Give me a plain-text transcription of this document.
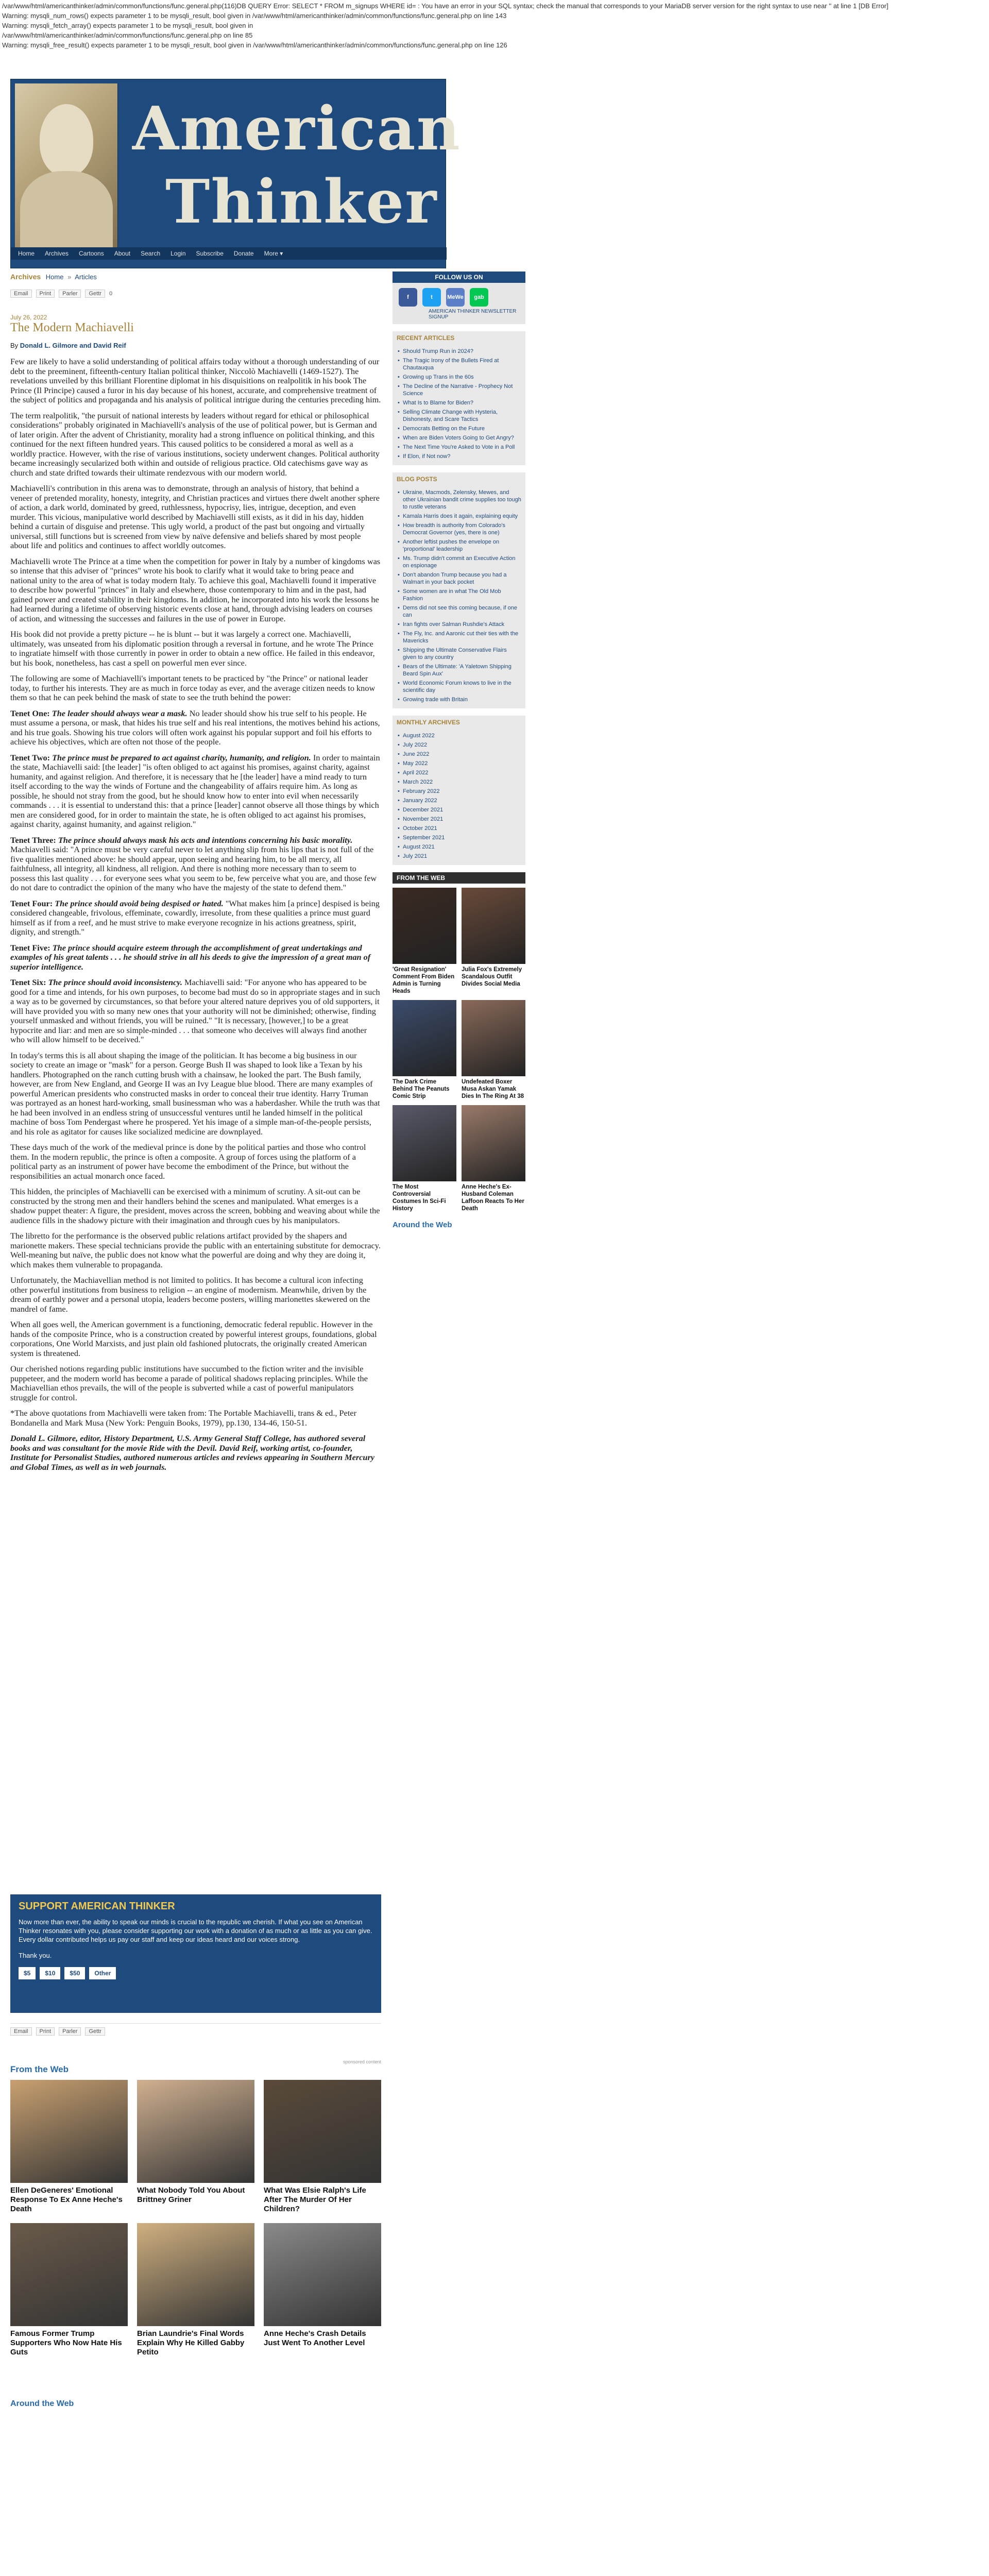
/var/www/html/americanthinker/admin/common/functions/func.general.php(116)DB QUERY Error: SELECT * FROM m_signups WHERE id= : You have an error in your SQL syntax; check the manual that corresponds to your MariaDB server version for the right syntax to use near '' at line 1 [DB Error]
Warning: mysqli_num_rows() expects parameter 1 to be mysqli_result, bool given in /var/www/html/americanthinker/admin/common/functions/func.general.php on line 143
Warning: mysqli_fetch_array() expects parameter 1 to be mysqli_result, bool given in
/var/www/html/americanthinker/admin/common/functions/func.general.php on line 85
Warning: mysqli_free_result() expects parameter 1 to be mysqli_result, bool given in /var/www/html/americanthinker/admin/common/functions/func.general.php on line 126
American
Thinker
Home Archives Cartoons About Search Login Subscribe Donate More ▾
Archives Home » Articles
Email	Print	Parler	Gettr	0
July 26, 2022
The Modern Machiavelli
By Donald L. Gilmore and David Reif

Few are likely to have a solid understanding of political affairs today without a thorough understanding of our debt to the preeminent, fifteenth-century Italian political thinker, Niccolò Machiavelli (1469-1527). The revelations unveiled by this brilliant Florentine diplomat in his disquisitions on realpolitik in his book The Prince (Il Principe) caused a furor in his day because of his honest, accurate, and comprehensive treatment of the subject of politics and propaganda and his analysis of political intrigue during the centuries preceding him.

The term realpolitik, "the pursuit of national interests by leaders without regard for ethical or philosophical considerations" probably originated in Machiavelli's analysis of the use of political power, but is German and of later origin. After the advent of Christianity, morality had a strong influence on political thinking, and this continued for the next fifteen hundred years. This caused politics to be considered a moral as well as a worldly practice. However, with the rise of various institutions, society underwent changes. Political authority became increasingly secularized both within and outside of religious practice. Old catechisms gave way as church and state drifted towards their ultimate rendezvous with our modern world.

Machiavelli's contribution in this arena was to demonstrate, through an analysis of history, that behind a veneer of pretended morality, honesty, integrity, and Christian practices and virtues there dwelt another sphere of action, a dark world, dominated by greed, ruthlessness, hypocrisy, lies, intrigue, deception, and even murder. This vicious, manipulative world described by Machiavelli still exists, as it did in his day, hidden behind a curtain of disguise and pretense. This ugly world, a product of the past but ongoing and virtually universal, still functions but is screened from view by naïve defensive and beliefs shared by most people about life and politics and continues to affect worldly outcomes.

Machiavelli wrote The Prince at a time when the competition for power in Italy by a number of kingdoms was so intense that this adviser of "princes" wrote his book to clarify what it would take to bring peace and national unity to the area of what is today modern Italy. To achieve this goal, Machiavelli found it imperative to describe how powerful "princes" in Italy and elsewhere, those contemporary to him and in the past, had gained power and created stability in their kingdoms. In addition, he incorporated into his work the lessons he had learned during a lifetime of observing historic events close at hand, through advising leaders on courses of action, and witnessing the successes and failures in the use of power in Europe.

His book did not provide a pretty picture -- he is blunt -- but it was largely a correct one. Machiavelli, ultimately, was unseated from his diplomatic position through a reversal in fortune, and he wrote The Prince to ingratiate himself with those currently in power in order to obtain a new office. He failed in this endeavor, but his book, nonetheless, has cast a spell on powerful men ever since.

The following are some of Machiavelli's important tenets to be practiced by "the Prince" or national leader today, to further his interests. They are as much in force today as ever, and the average citizen needs to know them so that he can peek behind the mask of state to see the truth behind the power:

Tenet One: The leader should always wear a mask. No leader should show his true self to his people. He must assume a persona, or mask, that hides his true self and his real intentions, the motives behind his actions, and his true goals. Showing his true colors will often work against his popular support and foil his efforts to achieve his objectives, which are often not those of the people.

Tenet Two: The prince must be prepared to act against charity, humanity, and religion. In order to maintain the state, Machiavelli said: [the leader] "is often obliged to act against his promises, against charity, against humanity, and against religion. And therefore, it is necessary that he [the leader] have a mind ready to turn itself according to the way the winds of Fortune and the changeability of affairs require him. As long as possible, he should not stray from the good, but he should know how to enter into evil when necessarily commands . . . it is essential to understand this: that a prince [leader] cannot observe all those things by which men are considered good, for in order to maintain the state, he is often obliged to act against his promises, against charity, against humanity, and against religion."

Tenet Three: The prince should always mask his acts and intentions concerning his basic morality. Machiavelli said: "A prince must be very careful never to let anything slip from his lips that is not full of the five qualities mentioned above: he should appear, upon seeing and hearing him, to be all mercy, all faithfulness, all integrity, all kindness, all religion. And there is nothing more necessary than to seem to possess this last quality . . . for everyone sees what you seem to be, few perceive what you are, and those few do not dare to contradict the opinion of the many who have the majesty of the state to defend them."

Tenet Four: The prince should avoid being despised or hated. "What makes him [a prince] despised is being considered changeable, frivolous, effeminate, cowardly, irresolute, from these qualities a prince must guard himself as if from a reef, and he must strive to make everyone recognize in his actions greatness, spirit, dignity, and strength."

Tenet Five: The prince should acquire esteem through the accomplishment of great undertakings and examples of his great talents . . . he should strive in all his deeds to give the impression of a great man of superior intelligence.

Tenet Six: The prince should avoid inconsistency. Machiavelli said: "For anyone who has appeared to be good for a time and intends, for his own purposes, to become bad must do so in appropriate stages and in such a way as to be governed by circumstances, so that before your altered nature deprives you of old supporters, it will have provided you with so many new ones that your authority will not be diminished; otherwise, finding yourself unmasked and without friends, you will be ruined." "It is necessary, [however,] to be a great hypocrite and liar: and men are so simple-minded . . . that someone who deceives will always find another who will allow himself to be deceived."

In today's terms this is all about shaping the image of the politician. It has become a big business in our society to create an image or "mask" for a person. George Bush II was shaped to look like a Texan by his handlers. Photographed on the ranch cutting brush with a chainsaw, he looked the part. The Bush family, however, are from New England, and George II was an Ivy League blue blood. There are many examples of powerful American presidents who constructed masks in order to conceal their true identity. Harry Truman was portrayed as an honest hard-working, small businessman who was a haberdasher. While the truth was that he had been involved in an endless string of unsuccessful ventures until he landed himself in the political machine of boss Tom Pendergast where he prospered. Yet his image of a simple man-of-the-people persists, and his role as agitator for causes like socialized medicine are downplayed.

These days much of the work of the medieval prince is done by the political parties and those who control them. In the modern republic, the prince is often a composite. A group of forces using the platform of a political party as an instrument of power have become the embodiment of the Prince, but without the responsibilities an actual monarch once faced.

This hidden, the principles of Machiavelli can be exercised with a minimum of scrutiny. A sit-out can be constructed by the strong men and their handlers behind the scenes and manipulated. What emerges is a shadow puppet theater: A figure, the president, moves across the screen, bobbing and weaving about while the audience fills in the shadowy picture with their imagination and through cues by his manipulators.

The libretto for the performance is the observed public relations artifact provided by the shapers and marionette makers. These special technicians provide the public with an entertaining substitute for democracy. Well-meaning but naïve, the public does not know what the powerful are doing and why they are doing it, which makes them vulnerable to propaganda.

Unfortunately, the Machiavellian method is not limited to politics. It has become a cultural icon infecting other powerful institutions from business to religion -- an engine of modernism. Meanwhile, driven by the dream of earthly power and a personal utopia, leaders become posters, willing marionettes skewered on the mandrel of fame.

When all goes well, the American government is a functioning, democratic federal republic. However in the hands of the composite Prince, who is a construction created by powerful interest groups, foundations, global corporations, One World Marxists, and just plain old fashioned plutocrats, the originally created American system is threatened.

Our cherished notions regarding public institutions have succumbed to the fiction writer and the invisible puppeteer, and the modern world has become a parade of political shadows replacing principles. While the Machiavellian ethos prevails, the will of the people is subverted while a cast of powerful manipulators struggle for control.

*The above quotations from Machiavelli were taken from: The Portable Machiavelli, trans & ed., Peter Bondanella and Mark Musa (New York: Penguin Books, 1979), pp.130, 134-46, 150-51.

Donald L. Gilmore, editor, History Department, U.S. Army General Staff College, has authored several books and was consultant for the movie Ride with the Devil. David Reif, working artist, co-founder, Institute for Personalist Studies, authored numerous articles and reviews appearing in Southern Mercury and Global Times, as well as in web journals.

SUPPORT AMERICAN THINKER

Now more than ever, the ability to speak our minds is crucial to the republic we cherish. If what you see on American Thinker resonates with you, please consider supporting our work with a donation of as much or as little as you can give. Every dollar contributed helps us pay our staff and keep our ideas heard and our voices strong.

Thank you.

$5	$10	$50	Other
Email	Print	Parler	Gettr
sponsored content
From the Web
Ellen DeGeneres' Emotional Response To Ex Anne Heche's Death
What Nobody Told You About Brittney Griner
What Was Elsie Ralph's Life After The Murder Of Her Children?
Famous Former Trump Supporters Who Now Hate His Guts
Brian Laundrie's Final Words Explain Why He Killed Gabby Petito
Anne Heche's Crash Details Just Went To Another Level
Around the Web
FOLLOW US ON
f	t	MeWe	gab
AMERICAN THINKER NEWSLETTER SIGNUP
RECENT ARTICLES
• Should Trump Run in 2024?
• The Tragic Irony of the Bullets Fired at Chautauqua
• Growing up Trans in the 60s
• The Decline of the Narrative - Prophecy Not Science
• What Is to Blame for Biden?
• Selling Climate Change with Hysteria, Dishonesty, and Scare Tactics
• Democrats Betting on the Future
• When are Biden Voters Going to Get Angry?
• The Next Time You're Asked to Vote in a Poll
• If Elon, if Not now?
BLOG POSTS
• Ukraine, Macmods, Zelensky, Mewes, and other Ukrainian bandit crime supplies too tough to rustle veterans
• Kamala Harris does it again, explaining equity
• How breadth is authority from Colorado's Democrat Governor (yes, there is one)
• Another leftist pushes the envelope on 'proportional' leadership
• Ms. Trump didn't commit an Executive Action on espionage
• Don't abandon Trump because you had a Walmart in your back pocket
• Some women are in what The Old Mob Fashion
• Dems did not see this coming because, if one can
• Iran fights over Salman Rushdie's Attack
• The Fly, Inc. and Aaronic cut their ties with the Mavericks
• Shipping the Ultimate Conservative Flairs given to any country
• Bears of the Ultimate: 'A Yaletown Shipping Beard Spin Aux'
• World Economic Forum knows to live in the scientific day
• Growing trade with Britain
MONTHLY ARCHIVES
• August 2022
• July 2022
• June 2022
• May 2022
• April 2022
• March 2022
• February 2022
• January 2022
• December 2021
• November 2021
• October 2021
• September 2021
• August 2021
• July 2021
FROM THE WEB
'Great Resignation' Comment From Biden Admin is Turning Heads
Julia Fox's Extremely Scandalous Outfit Divides Social Media
The Dark Crime Behind The Peanuts Comic Strip
Undefeated Boxer Musa Askan Yamak Dies In The Ring At 38
The Most Controversial Costumes In Sci-Fi History
Anne Heche's Ex-Husband Coleman Laffoon Reacts To Her Death
Around the Web
